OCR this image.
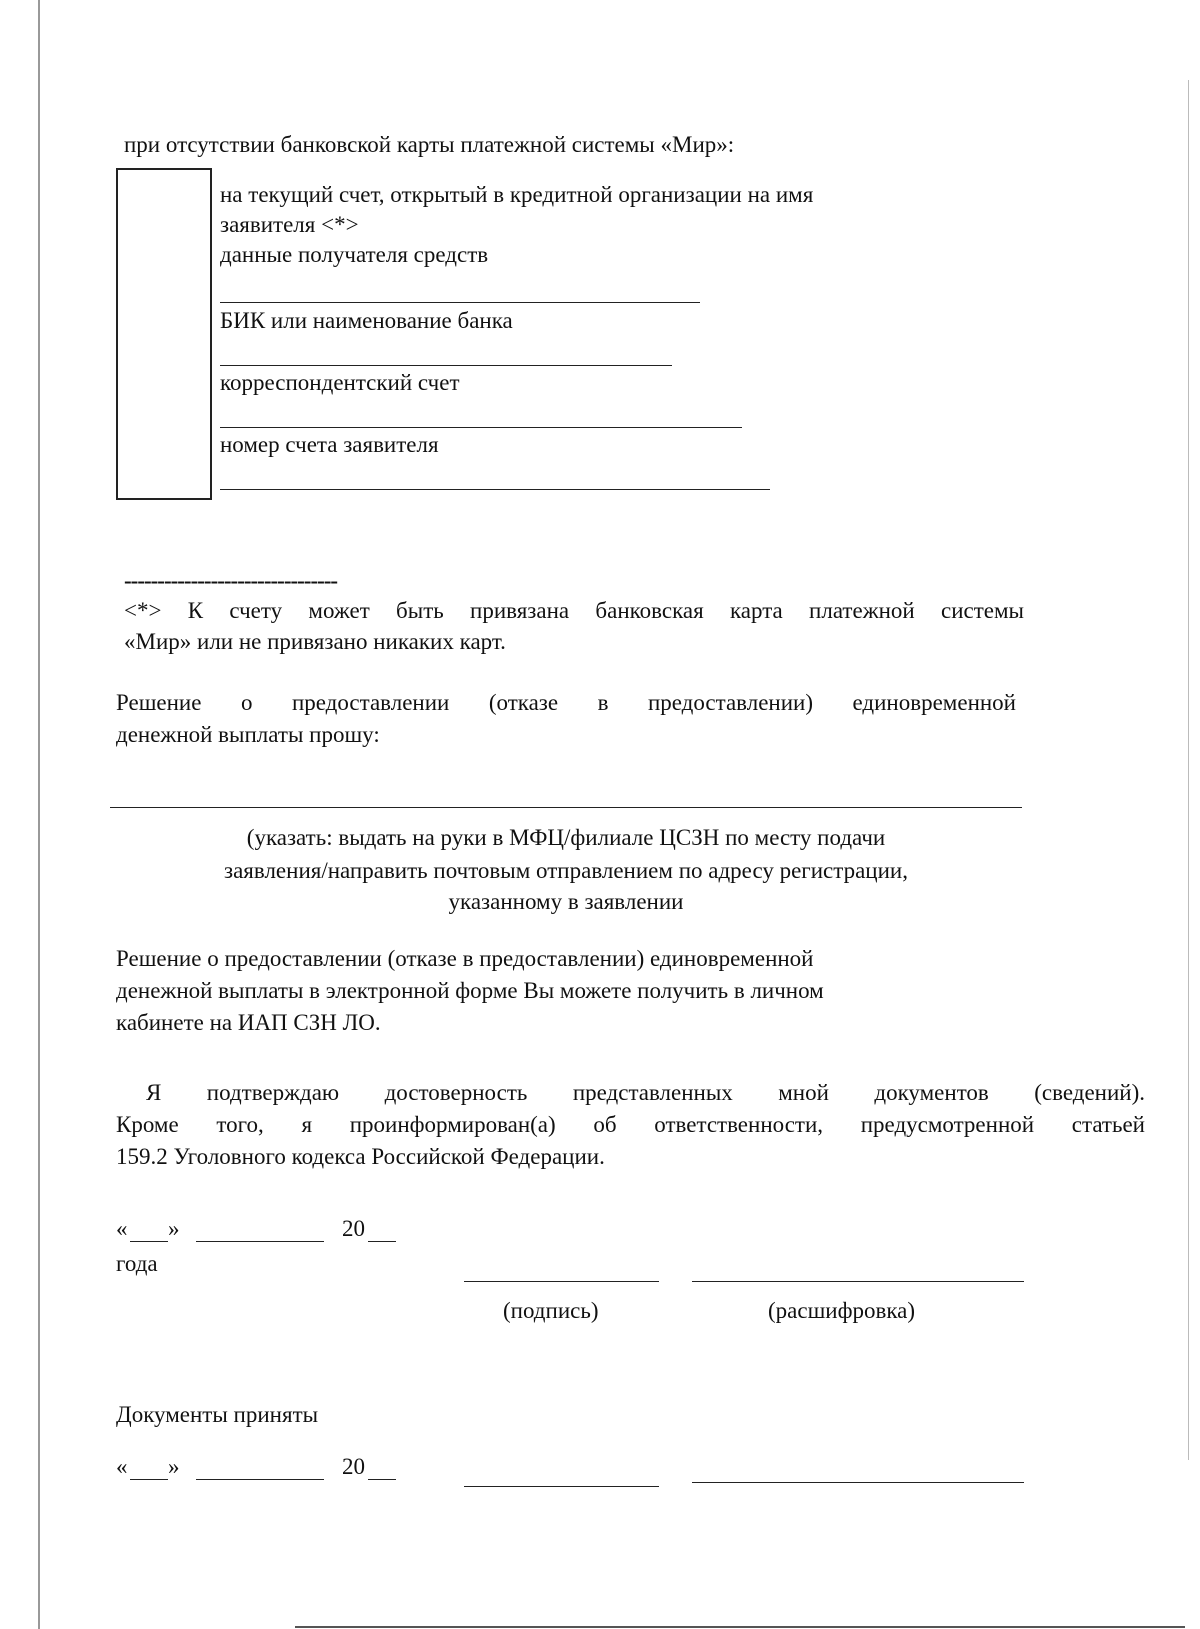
при отсутствии банковской карты платежной системы «Мир»:
на текущий счет, открытый в кредитной организации на имя
заявителя <*>
данные получателя средств
БИК или наименование банка
корреспондентский счет
номер счета заявителя
--------------------------------
<*> К счету может быть привязана банковская карта платежной системы
«Мир» или не привязано никаких карт.
Решение о предоставлении (отказе в предоставлении) единовременной
денежной выплаты прошу:
(указать: выдать на руки в МФЦ/филиале ЦСЗН по месту подачи
заявления/направить почтовым отправлением по адресу регистрации,
указанному в заявлении
Решение о предоставлении (отказе в предоставлении) единовременной
денежной выплаты в электронной форме Вы можете получить в личном
кабинете на ИАП СЗН ЛО.
Я подтверждаю достоверность представленных мной документов (сведений).
Кроме того, я проинформирован(а) об ответственности, предусмотренной статьей
159.2 Уголовного кодекса Российской Федерации.
« »	20
года
(подпись)	(расшифровка)
Документы приняты
« »	20
